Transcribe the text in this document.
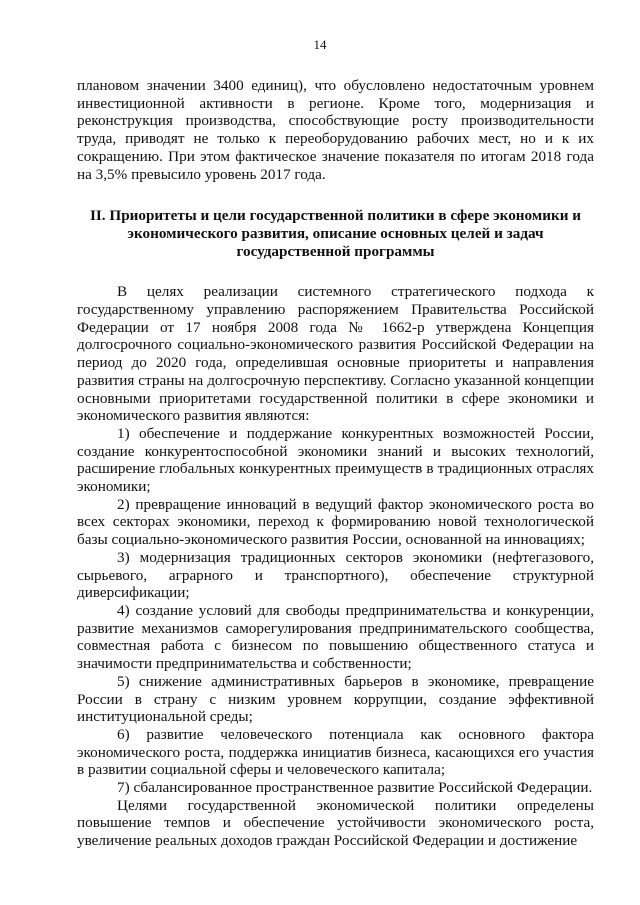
14

плановом значении 3400 единиц), что обусловлено недостаточным уровнем инвестиционной активности в регионе. Кроме того, модернизация и реконструкция производства, способствующие росту производительности труда, приводят не только к переоборудованию рабочих мест, но и к их сокращению. При этом фактическое значение показателя по итогам 2018 года на 3,5% превысило уровень 2017 года.

II. Приоритеты и цели государственной политики в сфере экономики и экономического развития, описание основных целей и задач государственной программы

В целях реализации системного стратегического подхода к государственному управлению распоряжением Правительства Российской Федерации от 17 ноября 2008 года № 1662-р утверждена Концепция долгосрочного социально-экономического развития Российской Федерации на период до 2020 года, определившая основные приоритеты и направления развития страны на долгосрочную перспективу. Согласно указанной концепции основными приоритетами государственной политики в сфере экономики и экономического развития являются:

1) обеспечение и поддержание конкурентных возможностей России, создание конкурентоспособной экономики знаний и высоких технологий, расширение глобальных конкурентных преимуществ в традиционных отраслях экономики;

2) превращение инноваций в ведущий фактор экономического роста во всех секторах экономики, переход к формированию новой технологической базы социально-экономического развития России, основанной на инновациях;

3) модернизация традиционных секторов экономики (нефтегазового, сырьевого, аграрного и транспортного), обеспечение структурной диверсификации;

4) создание условий для свободы предпринимательства и конкуренции, развитие механизмов саморегулирования предпринимательского сообщества, совместная работа с бизнесом по повышению общественного статуса и значимости предпринимательства и собственности;

5) снижение административных барьеров в экономике, превращение России в страну с низким уровнем коррупции, создание эффективной институциональной среды;

6) развитие человеческого потенциала как основного фактора экономического роста, поддержка инициатив бизнеса, касающихся его участия в развитии социальной сферы и человеческого капитала;

7) сбалансированное пространственное развитие Российской Федерации.

Целями государственной экономической политики определены повышение темпов и обеспечение устойчивости экономического роста, увеличение реальных доходов граждан Российской Федерации и достижение
